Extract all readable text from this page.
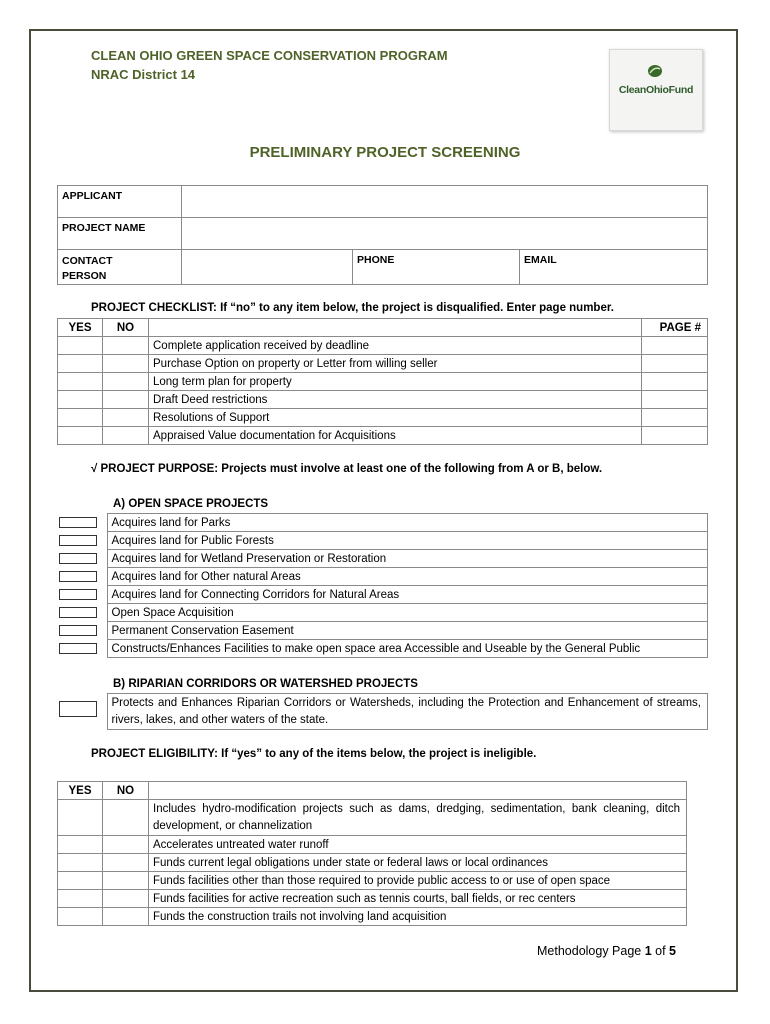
CLEAN OHIO GREEN SPACE CONSERVATION PROGRAM
NRAC District 14
CleanOhioFund
PRELIMINARY PROJECT SCREENING
APPLICANT			
PROJECT NAME			

CONTACT PERSON		PHONE	EMAIL
PROJECT CHECKLIST: If “no” to any item below, the project is disqualified. Enter page number.
YES	NO		PAGE #
		Complete application received by deadline	
		Purchase Option on property or Letter from willing seller	
		Long term plan for property	
		Draft Deed restrictions	
		Resolutions of Support	
		Appraised Value documentation for Acquisitions	
√ PROJECT PURPOSE: Projects must involve at least one of the following from A or B, below.
A) OPEN SPACE PROJECTS
	Acquires land for Parks

	Acquires land for Public Forests

	Acquires land for Wetland Preservation or Restoration

	Acquires land for Other natural Areas

	Acquires land for Connecting Corridors for Natural Areas

	Open Space Acquisition

	Permanent Conservation Easement

	Constructs/Enhances Facilities to make open space area Accessible and Useable by the General Public
B) RIPARIAN CORRIDORS OR WATERSHED PROJECTS
	Protects and Enhances Riparian Corridors or Watersheds, including the Protection and Enhancement of streams, rivers, lakes, and other waters of the state.
PROJECT ELIGIBILITY: If “yes” to any of the items below, the project is ineligible.
YES	NO	
		Includes hydro-modification projects such as dams, dredging, sedimentation, bank cleaning, ditch development, or channelization
		Accelerates untreated water runoff
		Funds current legal obligations under state or federal laws or local ordinances
		Funds facilities other than those required to provide public access to or use of open space
		Funds facilities for active recreation such as tennis courts, ball fields, or rec centers
		Funds the construction trails not involving land acquisition
Methodology Page 1 of 5
